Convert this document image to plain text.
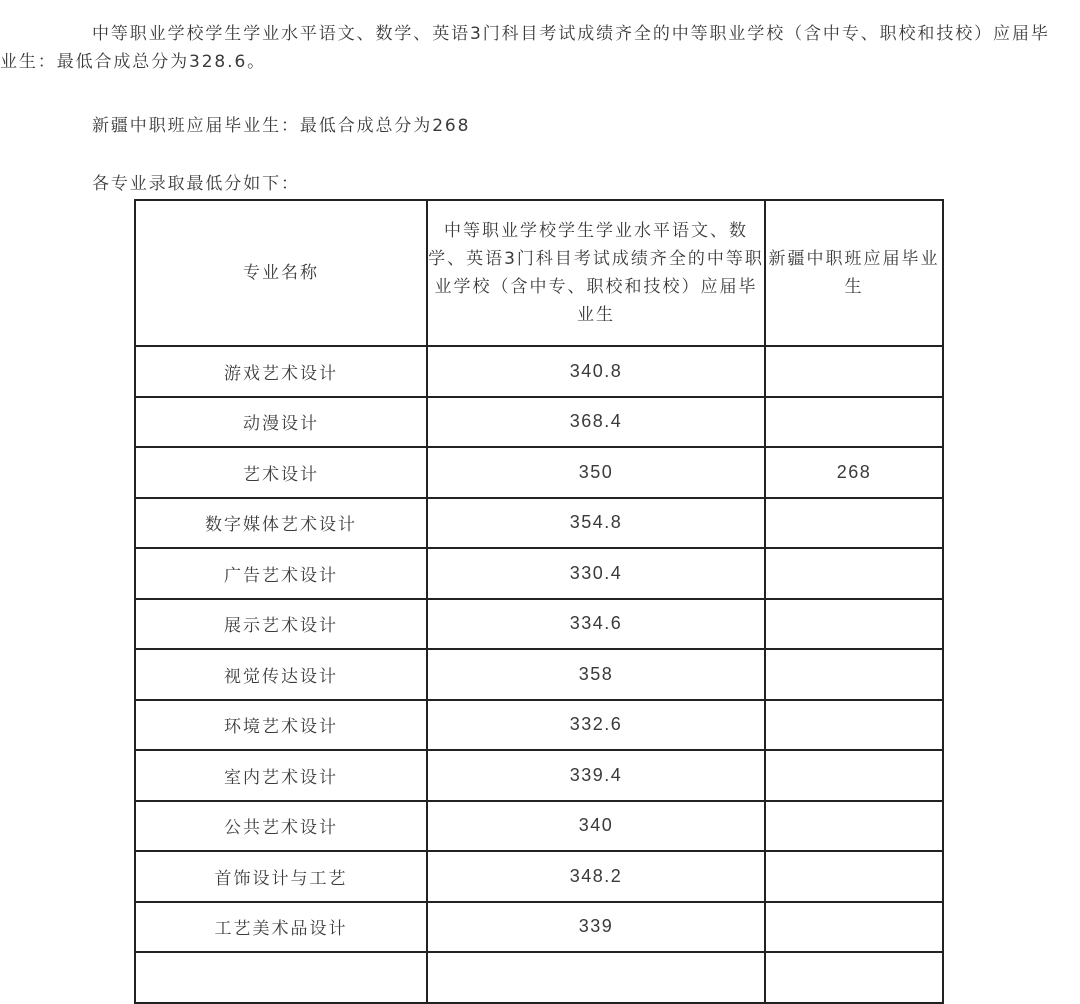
中等职业学校学生学业水平语文、数学、英语3门科目考试成绩齐全的中等职业学校（含中专、职校和技校）应届毕业生：最低合成总分为328.6。

新疆中职班应届毕业生：最低合成总分为268

各专业录取最低分如下：

专业名称	中等职业学校学生学业水平语文、数学、英语3门科目考试成绩齐全的中等职业学校（含中专、职校和技校）应届毕业生	新疆中职班应届毕业生
游戏艺术设计	340.8	
动漫设计	368.4	
艺术设计	350	268
数字媒体艺术设计	354.8	
广告艺术设计	330.4	
展示艺术设计	334.6	
视觉传达设计	358	
环境艺术设计	332.6	
室内艺术设计	339.4	
公共艺术设计	340	
首饰设计与工艺	348.2	
工艺美术品设计	339	
